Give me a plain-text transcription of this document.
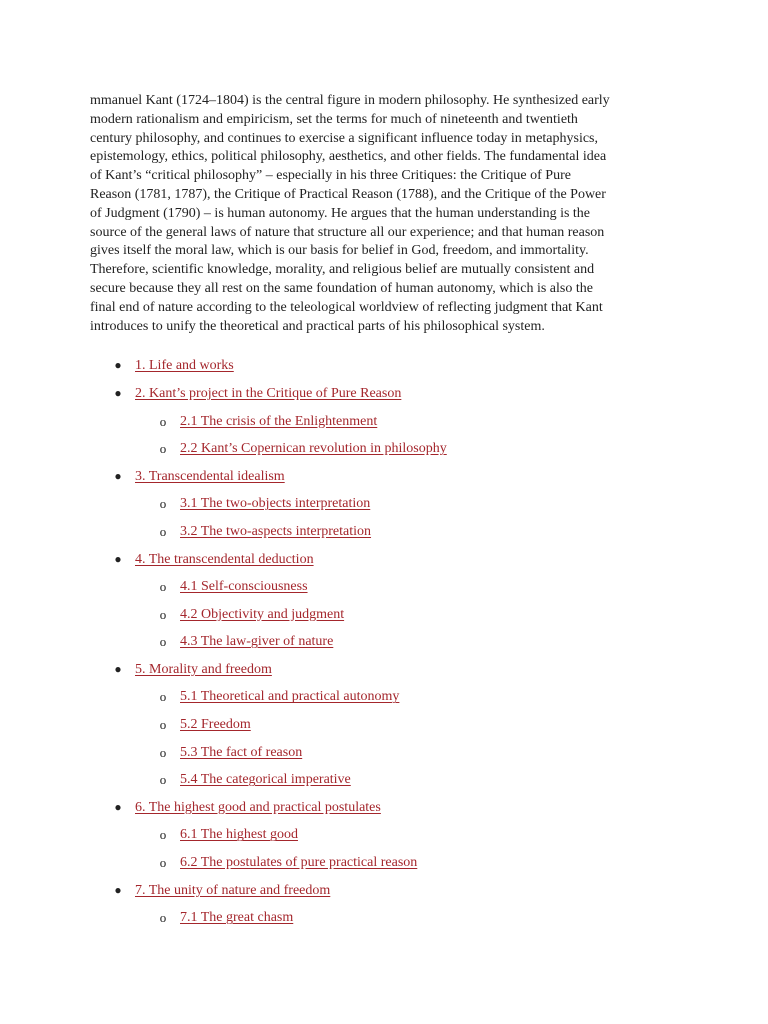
mmanuel Kant (1724–1804) is the central figure in modern philosophy. He synthesized early
modern rationalism and empiricism, set the terms for much of nineteenth and twentieth
century philosophy, and continues to exercise a significant influence today in metaphysics,
epistemology, ethics, political philosophy, aesthetics, and other fields. The fundamental idea
of Kant’s “critical philosophy” – especially in his three Critiques: the Critique of Pure
Reason (1781, 1787), the Critique of Practical Reason (1788), and the Critique of the Power
of Judgment (1790) – is human autonomy. He argues that the human understanding is the
source of the general laws of nature that structure all our experience; and that human reason
gives itself the moral law, which is our basis for belief in God, freedom, and immortality.
Therefore, scientific knowledge, morality, and religious belief are mutually consistent and
secure because they all rest on the same foundation of human autonomy, which is also the
final end of nature according to the teleological worldview of reflecting judgment that Kant
introduces to unify the theoretical and practical parts of his philosophical system.

● 1. Life and works
● 2. Kant’s project in the Critique of Pure Reason
o 2.1 The crisis of the Enlightenment
o 2.2 Kant’s Copernican revolution in philosophy
● 3. Transcendental idealism
o 3.1 The two-objects interpretation
o 3.2 The two-aspects interpretation
● 4. The transcendental deduction
o 4.1 Self-consciousness
o 4.2 Objectivity and judgment
o 4.3 The law-giver of nature
● 5. Morality and freedom
o 5.1 Theoretical and practical autonomy
o 5.2 Freedom
o 5.3 The fact of reason
o 5.4 The categorical imperative
● 6. The highest good and practical postulates
o 6.1 The highest good
o 6.2 The postulates of pure practical reason
● 7. The unity of nature and freedom
o 7.1 The great chasm
